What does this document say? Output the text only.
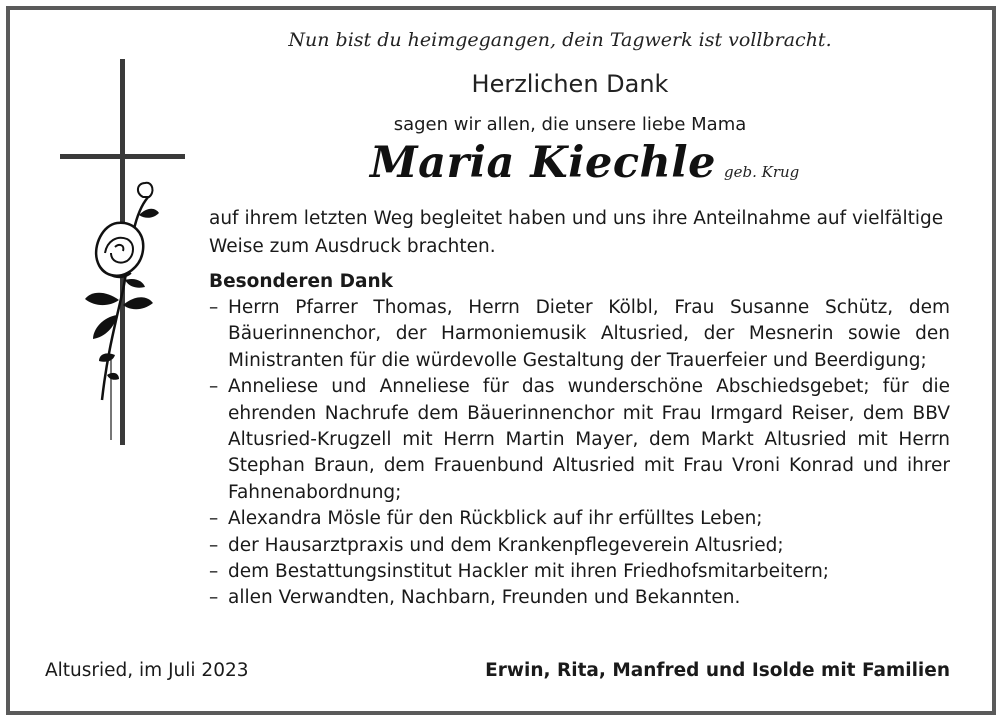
Nun bist du heimgegangen, dein Tagwerk ist vollbracht.
Herzlichen Dank
sagen wir allen, die unsere liebe Mama
Maria Kiechle geb. Krug
auf ihrem letzten Weg begleitet haben und uns ihre Anteilnahme auf vielfältige Weise zum Ausdruck brachten.
Besonderen Dank
– Herrn Pfarrer Thomas, Herrn Dieter Kölbl, Frau Susanne Schütz, dem Bäuerinnenchor, der Harmoniemusik Altusried, der Mesnerin sowie den Ministranten für die würdevolle Gestaltung der Trauerfeier und Beerdigung;
– Anneliese und Anneliese für das wunderschöne Abschiedsgebet; für die ehrenden Nachrufe dem Bäuerinnenchor mit Frau Irmgard Reiser, dem BBV Altusried-Krugzell mit Herrn Martin Mayer, dem Markt Altusried mit Herrn Stephan Braun, dem Frauenbund Altusried mit Frau Vroni Konrad und ihrer Fahnenabordnung;
– Alexandra Mösle für den Rückblick auf ihr erfülltes Leben;
– der Hausarztpraxis und dem Krankenpflegeverein Altusried;
– dem Bestattungsinstitut Hackler mit ihren Friedhofsmitarbeitern;
– allen Verwandten, Nachbarn, Freunden und Bekannten.
Altusried, im Juli 2023	Erwin, Rita, Manfred und Isolde mit Familien
